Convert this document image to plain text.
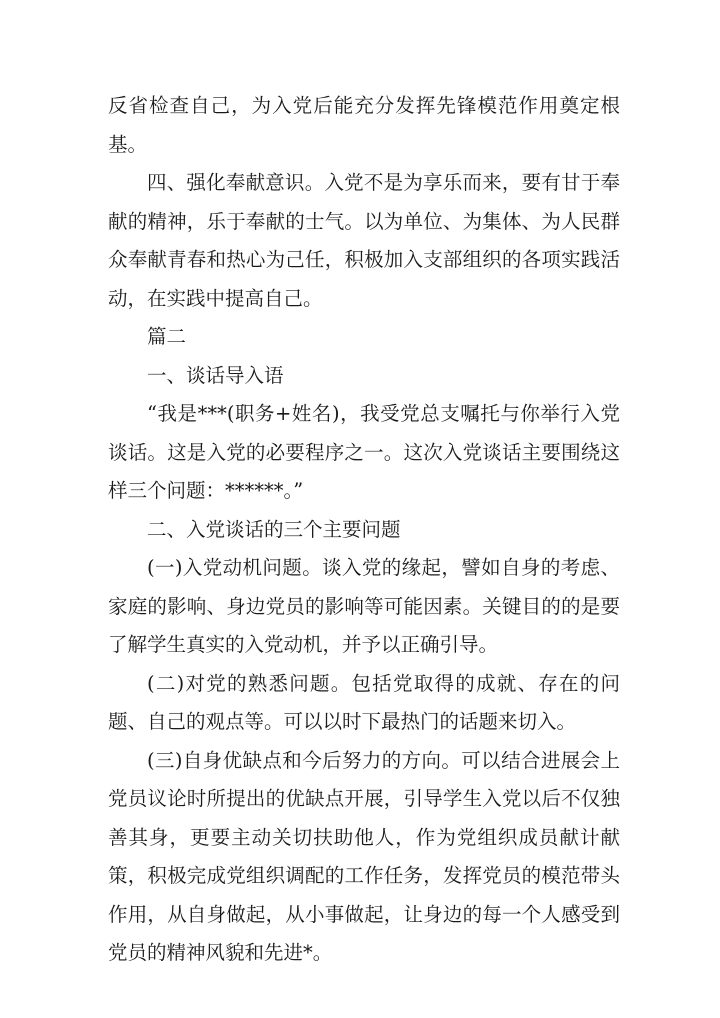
反省检查自己，为入党后能充分发挥先锋模范作用奠定根基。

四、强化奉献意识。入党不是为享乐而来，要有甘于奉献的精神，乐于奉献的士气。以为单位、为集体、为人民群众奉献青春和热心为己任，积极加入支部组织的各项实践活动，在实践中提高自己。

篇二

一、谈话导入语

“我是***(职务+姓名)，我受党总支嘱托与你举行入党谈话。这是入党的必要程序之一。这次入党谈话主要围绕这样三个问题：******。”

二、入党谈话的三个主要问题

(一)入党动机问题。谈入党的缘起，譬如自身的考虑、家庭的影响、身边党员的影响等可能因素。关键目的的是要了解学生真实的入党动机，并予以正确引导。

(二)对党的熟悉问题。包括党取得的成就、存在的问题、自己的观点等。可以以时下最热门的话题来切入。

(三)自身优缺点和今后努力的方向。可以结合进展会上党员议论时所提出的优缺点开展，引导学生入党以后不仅独善其身，更要主动关切扶助他人，作为党组织成员献计献策，积极完成党组织调配的工作任务，发挥党员的模范带头作用，从自身做起，从小事做起，让身边的每一个人感受到党员的精神风貌和先进*。
